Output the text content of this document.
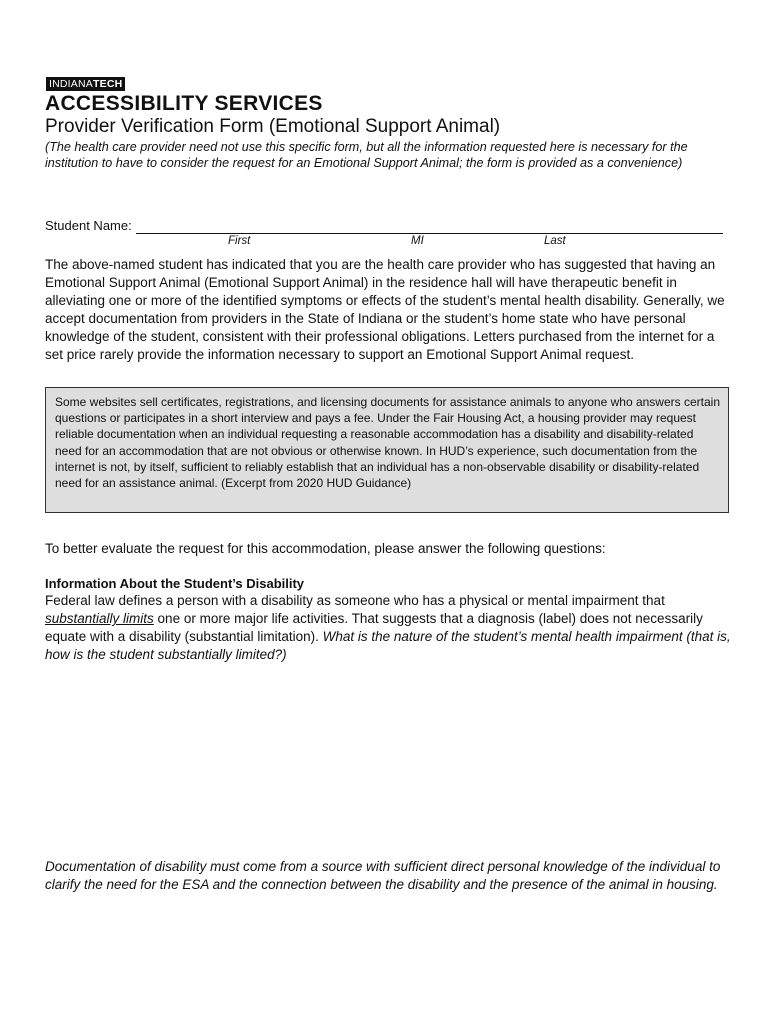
INDIANATECH
ACCESSIBILITY SERVICES
Provider Verification Form (Emotional Support Animal)
(The health care provider need not use this specific form, but all the information requested here is necessary for the institution to have to consider the request for an Emotional Support Animal; the form is provided as a convenience)
Student Name:
First	MI	Last
The above-named student has indicated that you are the health care provider who has suggested that having an Emotional Support Animal (Emotional Support Animal) in the residence hall will have therapeutic benefit in alleviating one or more of the identified symptoms or effects of the student’s mental health disability. Generally, we accept documentation from providers in the State of Indiana or the student’s home state who have personal knowledge of the student, consistent with their professional obligations. Letters purchased from the internet for a set price rarely provide the information necessary to support an Emotional Support Animal request.
Some websites sell certificates, registrations, and licensing documents for assistance animals to anyone who answers certain questions or participates in a short interview and pays a fee. Under the Fair Housing Act, a housing provider may request reliable documentation when an individual requesting a reasonable accommodation has a disability and disability-related need for an accommodation that are not obvious or otherwise known. In HUD’s experience, such documentation from the internet is not, by itself, sufficient to reliably establish that an individual has a non-observable disability or disability-related need for an assistance animal. (Excerpt from 2020 HUD Guidance)
To better evaluate the request for this accommodation, please answer the following questions:
Information About the Student’s Disability
Federal law defines a person with a disability as someone who has a physical or mental impairment that substantially limits one or more major life activities. That suggests that a diagnosis (label) does not necessarily equate with a disability (substantial limitation). What is the nature of the student’s mental health impairment (that is, how is the student substantially limited?)
Documentation of disability must come from a source with sufficient direct personal knowledge of the individual to clarify the need for the ESA and the connection between the disability and the presence of the animal in housing.
